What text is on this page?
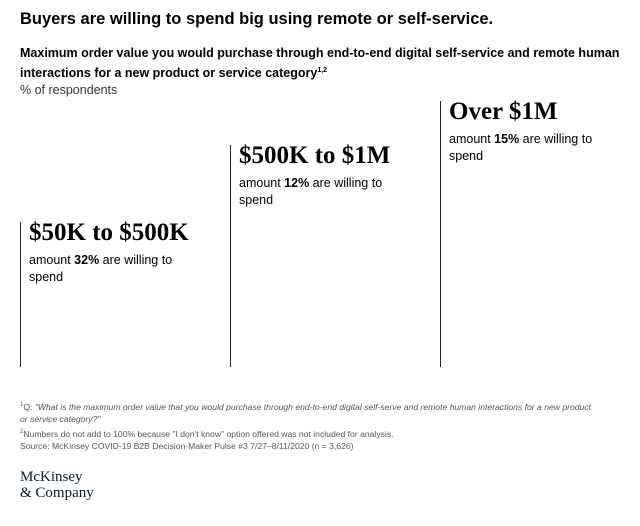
Buyers are willing to spend big using remote or self-service.

Maximum order value you would purchase through end-to-end digital self-service and remote human interactions for a new product or service category$^{1,2}$

% of respondents
$50K to $500K
amount 32% are willing to spend
$500K to $1M
amount 12% are willing to spend
Over $1M
amount 15% are willing to spend
$^1$Q: "What is the maximum order value that you would purchase through end-to-end digital self-serve and remote human interactions for a new product or service category?"
$^2$Numbers do not add to 100% because "I don't know" option offered was not included for analysis.
Source: McKinsey COVID-19 B2B Decision-Maker Pulse #3 7/27–8/11/2020 (n = 3,626)
McKinsey
& Company
